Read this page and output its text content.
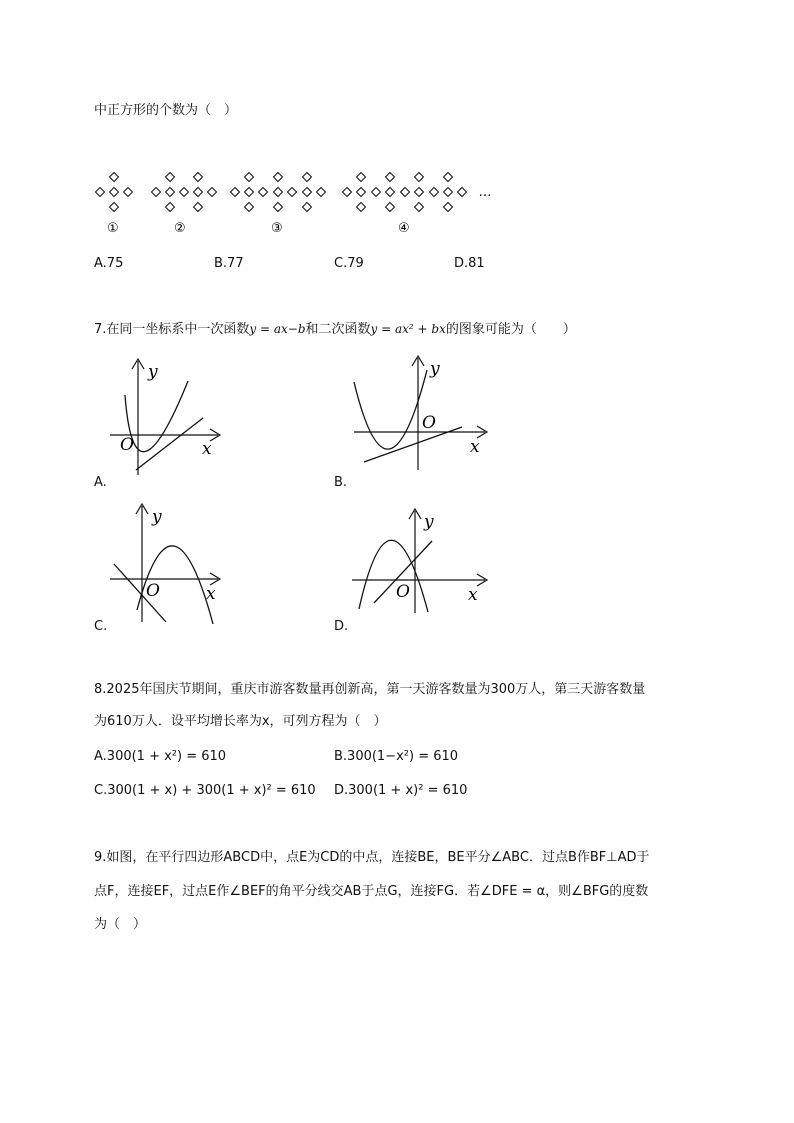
中正方形的个数为（　）
…
①	②	③	④
A.75	B.77	C.79	D.81
7.在同一坐标系中一次函数y = ax−b和二次函数y = ax² + bx的图象可能为（　　）
y
x
O
A.
y
x
O
B.
y
x
O
C.
y
x
O
D.
8.2025年国庆节期间，重庆市游客数量再创新高，第一天游客数量为300万人，第三天游客数量
为610万人．设平均增长率为x，可列方程为（　）
A.300(1 + x²) = 610	B.300(1−x²) = 610
C.300(1 + x) + 300(1 + x)² = 610 D.300(1 + x)² = 610
9.如图，在平行四边形ABCD中，点E为CD的中点，连接BE，BE平分∠ABC．过点B作BF⊥AD于
点F，连接EF，过点E作∠BEF的角平分线交AB于点G，连接FG．若∠DFE = α，则∠BFG的度数
为（　）
